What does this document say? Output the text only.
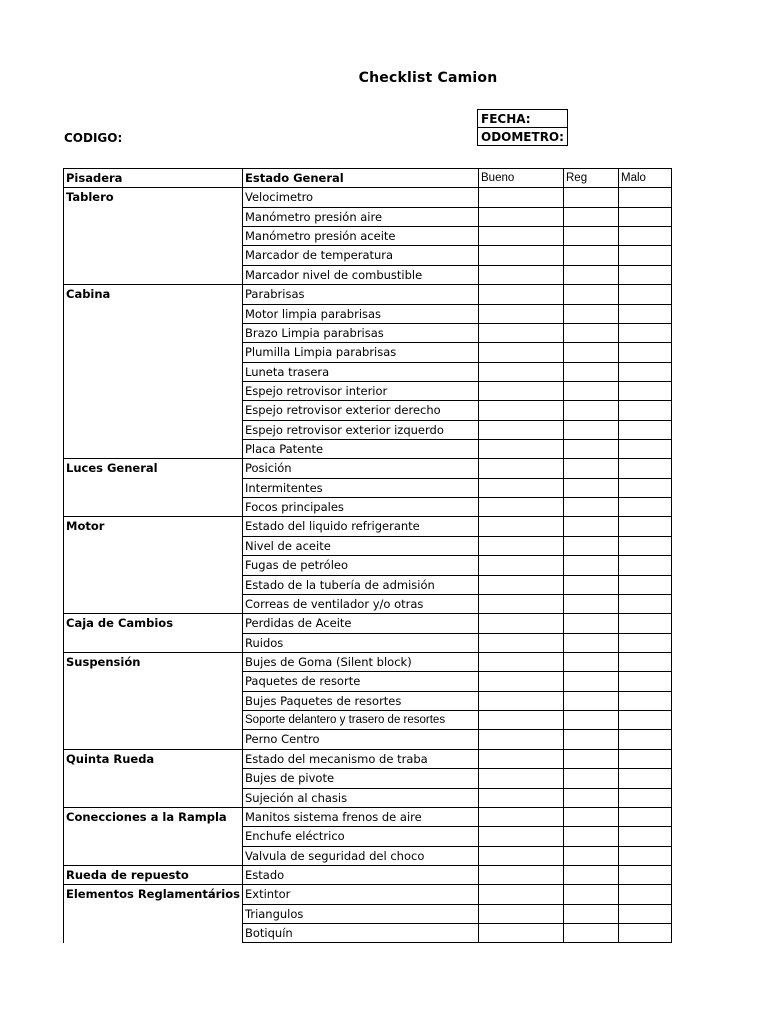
Checklist Camion
CODIGO:
FECHA:
ODOMETRO:
Pisadera	Estado General	Bueno	Reg	Malo
Tablero	Velocimetro			
	Manómetro presión aire			
	Manómetro presión aceite			
	Marcador de temperatura			
	Marcador nivel de combustible			
Cabina	Parabrisas			
	Motor limpia parabrisas			
	Brazo Limpia parabrisas			
	Plumilla Limpia parabrisas			
	Luneta trasera			
	Espejo retrovisor interior			
	Espejo retrovisor exterior derecho			
	Espejo retrovisor exterior izquerdo			
	Placa Patente			
Luces General	Posición			
	Intermitentes			
	Focos principales			
Motor	Estado del liquido refrigerante			
	Nivel de aceite			
	Fugas de petróleo			
	Estado de la tubería de admisión			
	Correas de ventilador y/o otras			
Caja de Cambios	Perdidas de Aceite			
	Ruidos			
Suspensión	Bujes de Goma (Silent block)			
	Paquetes de resorte			
	Bujes Paquetes de resortes			
	Soporte delantero y trasero de resortes			
	Perno Centro			
Quinta Rueda	Estado del mecanismo de traba			
	Bujes de pivote			
	Sujeción al chasis			
Conecciones a la Rampla	Manitos sistema frenos de aire			
	Enchufe eléctrico			
	Valvula de seguridad del choco			
Rueda de repuesto	Estado			
Elementos Reglamentários	Extintor			
	Triangulos			
	Botiquín			
